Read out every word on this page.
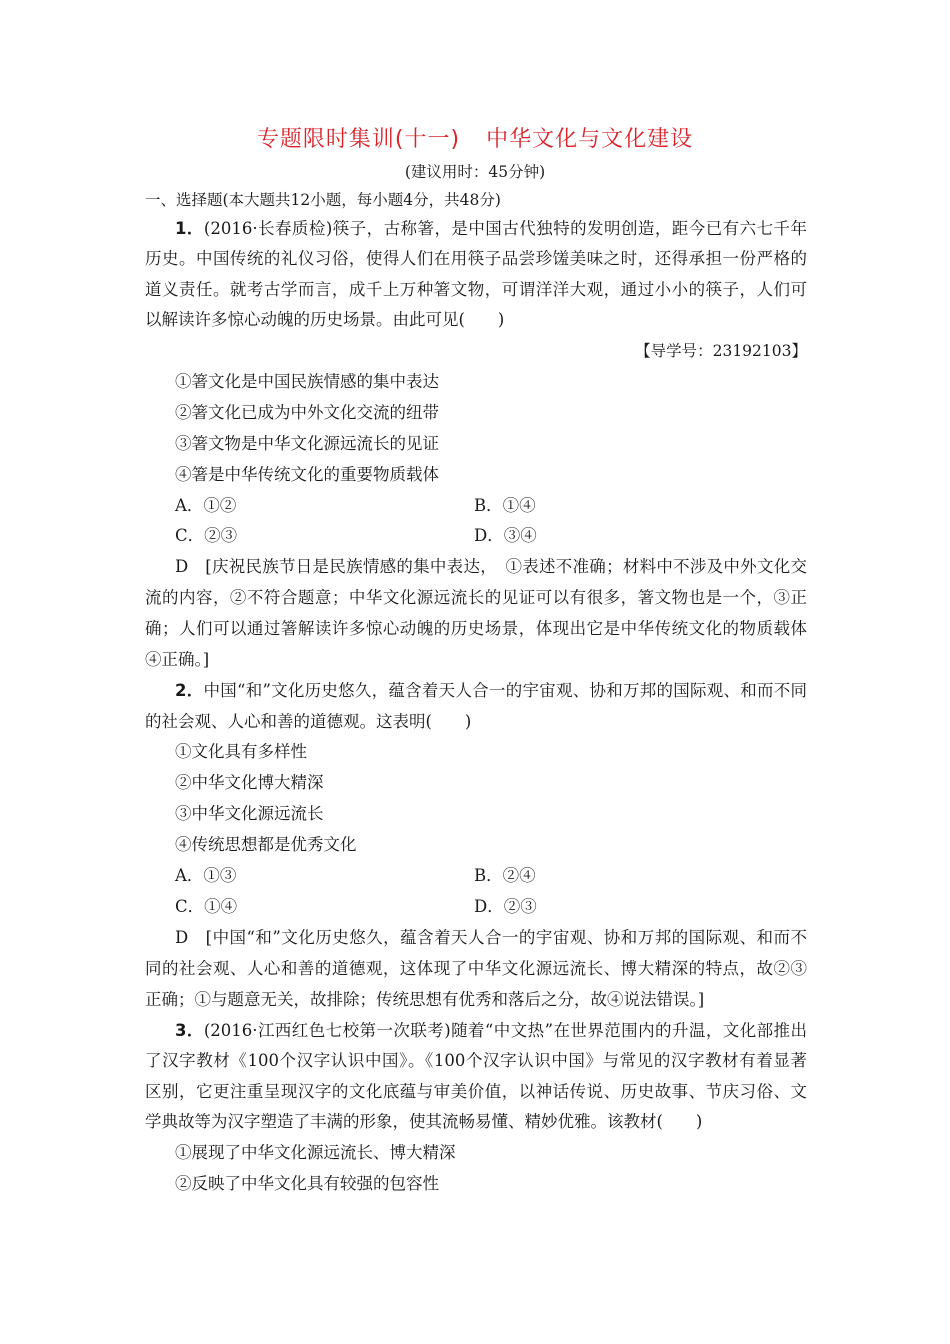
专题限时集训(十一) 中华文化与文化建设
(建议用时：45分钟)
一、选择题(本大题共12小题，每小题4分，共48分)
1．(2016·长春质检)筷子，古称箸，是中国古代独特的发明创造，距今已有六七千年
历史。中国传统的礼仪习俗，使得人们在用筷子品尝珍馐美味之时，还得承担一份严格的
道义责任。就考古学而言，成千上万种箸文物，可谓洋洋大观，通过小小的筷子，人们可
以解读许多惊心动魄的历史场景。由此可见(　　)
【导学号：23192103】
①箸文化是中国民族情感的集中表达
②箸文化已成为中外文化交流的纽带
③箸文物是中华文化源远流长的见证
④箸是中华传统文化的重要物质载体
A．①②	B．①④
C．②③	D．③④
D　[庆祝民族节日是民族情感的集中表达，　①表述不准确；材料中不涉及中外文化交
流的内容，②不符合题意；中华文化源远流长的见证可以有很多，箸文物也是一个，③正
确；人们可以通过箸解读许多惊心动魄的历史场景，体现出它是中华传统文化的物质载体
④正确。]
2．中国“和”文化历史悠久，蕴含着天人合一的宇宙观、协和万邦的国际观、和而不同
的社会观、人心和善的道德观。这表明(　　)
①文化具有多样性
②中华文化博大精深
③中华文化源远流长
④传统思想都是优秀文化
A．①③	B．②④
C．①④	D．②③
D　[中国“和”文化历史悠久，蕴含着天人合一的宇宙观、协和万邦的国际观、和而不
同的社会观、人心和善的道德观，这体现了中华文化源远流长、博大精深的特点，故②③
正确；①与题意无关，故排除；传统思想有优秀和落后之分，故④说法错误。]
3．(2016·江西红色七校第一次联考)随着“中文热”在世界范围内的升温，文化部推出
了汉字教材《100个汉字认识中国》。《100个汉字认识中国》与常见的汉字教材有着显著
区别，它更注重呈现汉字的文化底蕴与审美价值，以神话传说、历史故事、节庆习俗、文
学典故等为汉字塑造了丰满的形象，使其流畅易懂、精妙优雅。该教材(　　)
①展现了中华文化源远流长、博大精深
②反映了中华文化具有较强的包容性
